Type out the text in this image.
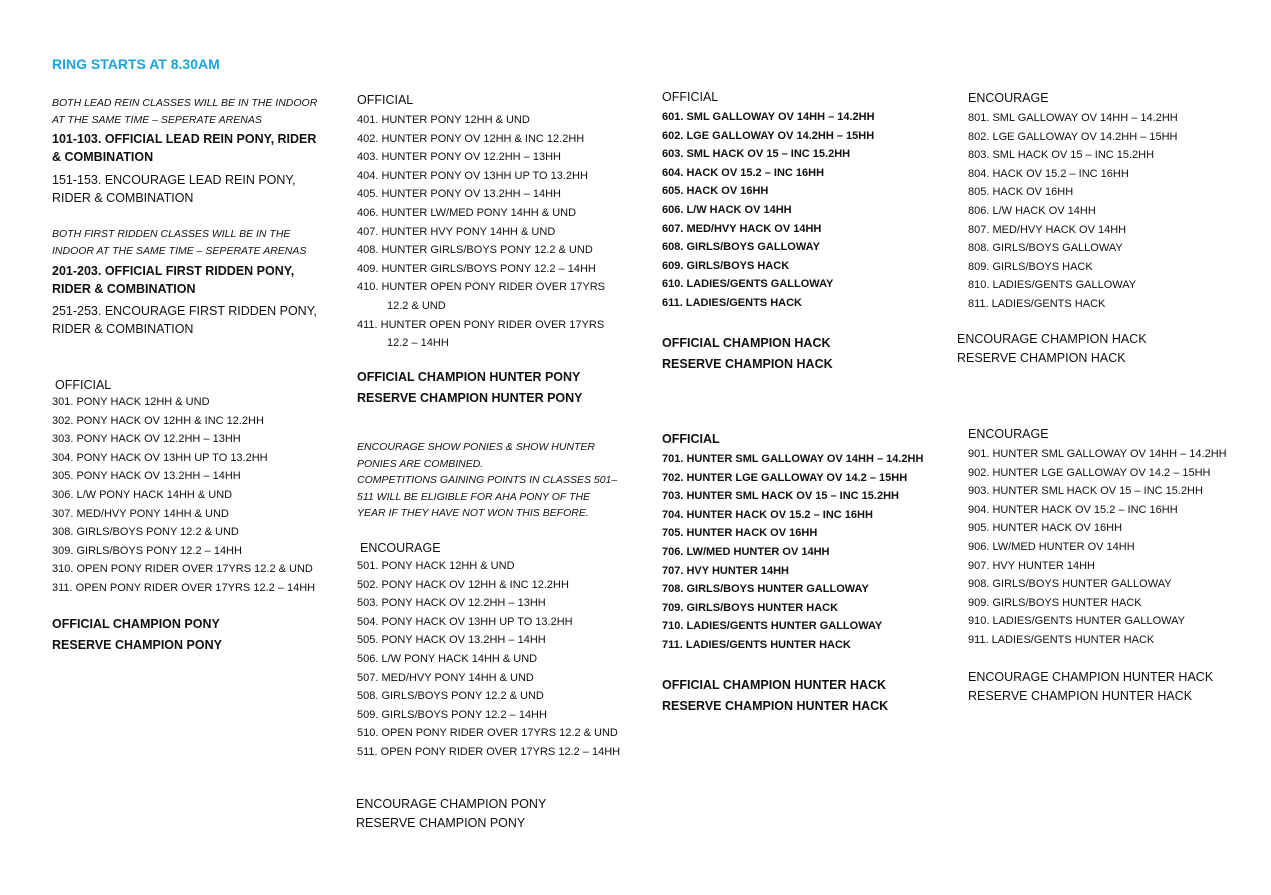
RING STARTS AT 8.30AM
BOTH LEAD REIN CLASSES WILL BE IN THE INDOOR
AT THE SAME TIME – SEPERATE ARENAS
101-103. OFFICIAL LEAD REIN PONY, RIDER
& COMBINATION
151-153. ENCOURAGE LEAD REIN PONY,
RIDER & COMBINATION
BOTH FIRST RIDDEN CLASSES WILL BE IN THE
INDOOR AT THE SAME TIME – SEPERATE ARENAS
201-203. OFFICIAL FIRST RIDDEN PONY,
RIDER & COMBINATION
251-253. ENCOURAGE FIRST RIDDEN PONY,
RIDER & COMBINATION
OFFICIAL
301. PONY HACK 12HH & UND
302. PONY HACK OV 12HH & INC 12.2HH
303. PONY HACK OV 12.2HH – 13HH
304. PONY HACK OV 13HH UP TO 13.2HH
305. PONY HACK OV 13.2HH – 14HH
306. L/W PONY HACK 14HH & UND
307. MED/HVY PONY 14HH & UND
308. GIRLS/BOYS PONY 12.2 & UND
309. GIRLS/BOYS PONY 12.2 – 14HH
310. OPEN PONY RIDER OVER 17YRS 12.2 & UND
311. OPEN PONY RIDER OVER 17YRS 12.2 – 14HH
OFFICIAL CHAMPION PONY
RESERVE CHAMPION PONY
OFFICIAL
401. HUNTER PONY 12HH & UND
402. HUNTER PONY OV 12HH & INC 12.2HH
403. HUNTER PONY OV 12.2HH – 13HH
404. HUNTER PONY OV 13HH UP TO 13.2HH
405. HUNTER PONY OV 13.2HH – 14HH
406. HUNTER LW/MED PONY 14HH & UND
407. HUNTER HVY PONY 14HH & UND
408. HUNTER GIRLS/BOYS PONY 12.2 & UND
409. HUNTER GIRLS/BOYS PONY 12.2 – 14HH
410. HUNTER OPEN PONY RIDER OVER 17YRS
12.2 & UND
411. HUNTER OPEN PONY RIDER OVER 17YRS
12.2 – 14HH
OFFICIAL CHAMPION HUNTER PONY
RESERVE CHAMPION HUNTER PONY
ENCOURAGE SHOW PONIES & SHOW HUNTER
PONIES ARE COMBINED.
COMPETITIONS GAINING POINTS IN CLASSES 501–
511 WILL BE ELIGIBLE FOR AHA PONY OF THE
YEAR IF THEY HAVE NOT WON THIS BEFORE.
ENCOURAGE
501. PONY HACK 12HH & UND
502. PONY HACK OV 12HH & INC 12.2HH
503. PONY HACK OV 12.2HH – 13HH
504. PONY HACK OV 13HH UP TO 13.2HH
505. PONY HACK OV 13.2HH – 14HH
506. L/W PONY HACK 14HH & UND
507. MED/HVY PONY 14HH & UND
508. GIRLS/BOYS PONY 12.2 & UND
509. GIRLS/BOYS PONY 12.2 – 14HH
510. OPEN PONY RIDER OVER 17YRS 12.2 & UND
511. OPEN PONY RIDER OVER 17YRS 12.2 – 14HH
ENCOURAGE CHAMPION PONY
RESERVE CHAMPION PONY
OFFICIAL
601. SML GALLOWAY OV 14HH – 14.2HH
602. LGE GALLOWAY OV 14.2HH – 15HH
603. SML HACK OV 15 – INC 15.2HH
604. HACK OV 15.2 – INC 16HH
605. HACK OV 16HH
606. L/W HACK OV 14HH
607. MED/HVY HACK OV 14HH
608. GIRLS/BOYS GALLOWAY
609. GIRLS/BOYS HACK
610. LADIES/GENTS GALLOWAY
611. LADIES/GENTS HACK
OFFICIAL CHAMPION HACK
RESERVE CHAMPION HACK
OFFICIAL
701. HUNTER SML GALLOWAY OV 14HH – 14.2HH
702. HUNTER LGE GALLOWAY OV 14.2 – 15HH
703. HUNTER SML HACK OV 15 – INC 15.2HH
704. HUNTER HACK OV 15.2 – INC 16HH
705. HUNTER HACK OV 16HH
706. LW/MED HUNTER OV 14HH
707. HVY HUNTER 14HH
708. GIRLS/BOYS HUNTER GALLOWAY
709. GIRLS/BOYS HUNTER HACK
710. LADIES/GENTS HUNTER GALLOWAY
711. LADIES/GENTS HUNTER HACK
OFFICIAL CHAMPION HUNTER HACK
RESERVE CHAMPION HUNTER HACK
ENCOURAGE
801. SML GALLOWAY OV 14HH – 14.2HH
802. LGE GALLOWAY OV 14.2HH – 15HH
803. SML HACK OV 15 – INC 15.2HH
804. HACK OV 15.2 – INC 16HH
805. HACK OV 16HH
806. L/W HACK OV 14HH
807. MED/HVY HACK OV 14HH
808. GIRLS/BOYS GALLOWAY
809. GIRLS/BOYS HACK
810. LADIES/GENTS GALLOWAY
811. LADIES/GENTS HACK
ENCOURAGE CHAMPION HACK
RESERVE CHAMPION HACK
ENCOURAGE
901. HUNTER SML GALLOWAY OV 14HH – 14.2HH
902. HUNTER LGE GALLOWAY OV 14.2 – 15HH
903. HUNTER SML HACK OV 15 – INC 15.2HH
904. HUNTER HACK OV 15.2 – INC 16HH
905. HUNTER HACK OV 16HH
906. LW/MED HUNTER OV 14HH
907. HVY HUNTER 14HH
908. GIRLS/BOYS HUNTER GALLOWAY
909. GIRLS/BOYS HUNTER HACK
910. LADIES/GENTS HUNTER GALLOWAY
911. LADIES/GENTS HUNTER HACK
ENCOURAGE CHAMPION HUNTER HACK
RESERVE CHAMPION HUNTER HACK
